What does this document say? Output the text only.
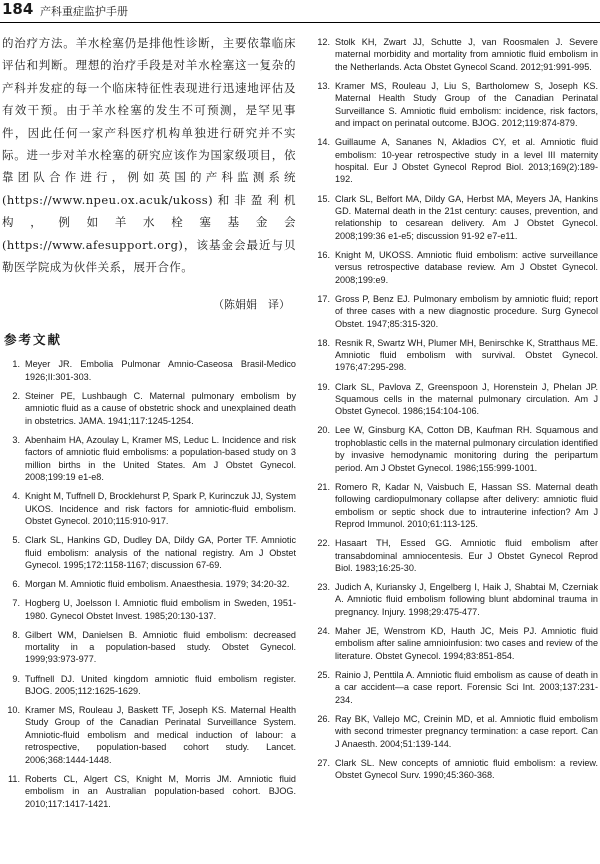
184 产科重症监护手册

的治疗方法。羊水栓塞仍是排他性诊断，主要依靠临床评估和判断。理想的治疗手段是对羊水栓塞这一复杂的产科并发症的每一个临床特征性表现进行迅速地评估及有效干预。由于羊水栓塞的发生不可预测，是罕见事件，因此任何一家产科医疗机构单独进行研究并不实际。进一步对羊水栓塞的研究应该作为国家级项目，依靠团队合作进行，例如英国的产科监测系统(https://www.npeu.ox.acuk/ukoss)和非盈利机构，例如羊水栓塞基金会(https://www.afesupport.org)，该基金会最近与贝勒医学院成为伙伴关系，展开合作。

（陈娟娟　译）
参考文献
1. Meyer JR. Embolia Pulmonar Amnio-Caseosa Brasil-Medico 1926;II:301-303.
2. Steiner PE, Lushbaugh C. Maternal pulmonary embolism by amniotic fluid as a cause of obstetric shock and unexplained death in obstetrics. JAMA. 1941;117:1245-1254.
3. Abenhaim HA, Azoulay L, Kramer MS, Leduc L. Incidence and risk factors of amniotic fluid embolisms: a population-based study on 3 million births in the United States. Am J Obstet Gynecol. 2008;199:19 e1-e8.
4. Knight M, Tuffnell D, Brocklehurst P, Spark P, Kurinczuk JJ, System UKOS. Incidence and risk factors for amniotic-fluid embolism. Obstet Gynecol. 2010;115:910-917.
5. Clark SL, Hankins GD, Dudley DA, Dildy GA, Porter TF. Amniotic fluid embolism: analysis of the national registry. Am J Obstet Gynecol. 1995;172:1158-1167; discussion 67-69.
6. Morgan M. Amniotic fluid embolism. Anaesthesia. 1979; 34:20-32.
7. Hogberg U, Joelsson I. Amniotic fluid embolism in Sweden, 1951-1980. Gynecol Obstet Invest. 1985;20:130-137.
8. Gilbert WM, Danielsen B. Amniotic fluid embolism: decreased mortality in a population-based study. Obstet Gynecol. 1999;93:973-977.
9. Tuffnell DJ. United kingdom amniotic fluid embolism register. BJOG. 2005;112:1625-1629.
10. Kramer MS, Rouleau J, Baskett TF, Joseph KS. Maternal Health Study Group of the Canadian Perinatal Surveillance System. Amniotic-fluid embolism and medical induction of labour: a retrospective, population-based cohort study. Lancet. 2006;368:1444-1448.
11. Roberts CL, Algert CS, Knight M, Morris JM. Amniotic fluid embolism in an Australian population-based cohort. BJOG. 2010;117:1417-1421.
12. Stolk KH, Zwart JJ, Schutte J, van Roosmalen J. Severe maternal morbidity and mortality from amniotic fluid embolism in the Netherlands. Acta Obstet Gynecol Scand. 2012;91:991-995.
13. Kramer MS, Rouleau J, Liu S, Bartholomew S, Joseph KS. Maternal Health Study Group of the Canadian Perinatal Surveillance S. Amniotic fluid embolism: incidence, risk factors, and impact on perinatal outcome. BJOG. 2012;119:874-879.
14. Guillaume A, Sananes N, Akladios CY, et al. Amniotic fluid embolism: 10-year retrospective study in a level III maternity hospital. Eur J Obstet Gynecol Reprod Biol. 2013;169(2):189-192.
15. Clark SL, Belfort MA, Dildy GA, Herbst MA, Meyers JA, Hankins GD. Maternal death in the 21st century: causes, prevention, and relationship to cesarean delivery. Am J Obstet Gynecol. 2008;199:36 e1-e5; discussion 91-92 e7-e11.
16. Knight M, UKOSS. Amniotic fluid embolism: active surveillance versus retrospective database review. Am J Obstet Gynecol. 2008;199:e9.
17. Gross P, Benz EJ. Pulmonary embolism by amniotic fluid; report of three cases with a new diagnostic procedure. Surg Gynecol Obstet. 1947;85:315-320.
18. Resnik R, Swartz WH, Plumer MH, Benirschke K, Stratthaus ME. Amniotic fluid embolism with survival. Obstet Gynecol. 1976;47:295-298.
19. Clark SL, Pavlova Z, Greenspoon J, Horenstein J, Phelan JP. Squamous cells in the maternal pulmonary circulation. Am J Obstet Gynecol. 1986;154:104-106.
20. Lee W, Ginsburg KA, Cotton DB, Kaufman RH. Squamous and trophoblastic cells in the maternal pulmonary circulation identified by invasive hemodynamic monitoring during the peripartum period. Am J Obstet Gynecol. 1986;155:999-1001.
21. Romero R, Kadar N, Vaisbuch E, Hassan SS. Maternal death following cardiopulmonary collapse after delivery: amniotic fluid embolism or septic shock due to intrauterine infection? Am J Reprod Immunol. 2010;61:113-125.
22. Hasaart TH, Essed GG. Amniotic fluid embolism after transabdominal amniocentesis. Eur J Obstet Gynecol Reprod Biol. 1983;16:25-30.
23. Judich A, Kuriansky J, Engelberg I, Haik J, Shabtai M, Czerniak A. Amniotic fluid embolism following blunt abdominal trauma in pregnancy. Injury. 1998;29:475-477.
24. Maher JE, Wenstrom KD, Hauth JC, Meis PJ. Amniotic fluid embolism after saline amnioinfusion: two cases and review of the literature. Obstet Gynecol. 1994;83:851-854.
25. Rainio J, Penttila A. Amniotic fluid embolism as cause of death in a car accident—a case report. Forensic Sci Int. 2003;137:231-234.
26. Ray BK, Vallejo MC, Creinin MD, et al. Amniotic fluid embolism with second trimester pregnancy termination: a case report. Can J Anaesth. 2004;51:139-144.
27. Clark SL. New concepts of amniotic fluid embolism: a review. Obstet Gynecol Surv. 1990;45:360-368.
